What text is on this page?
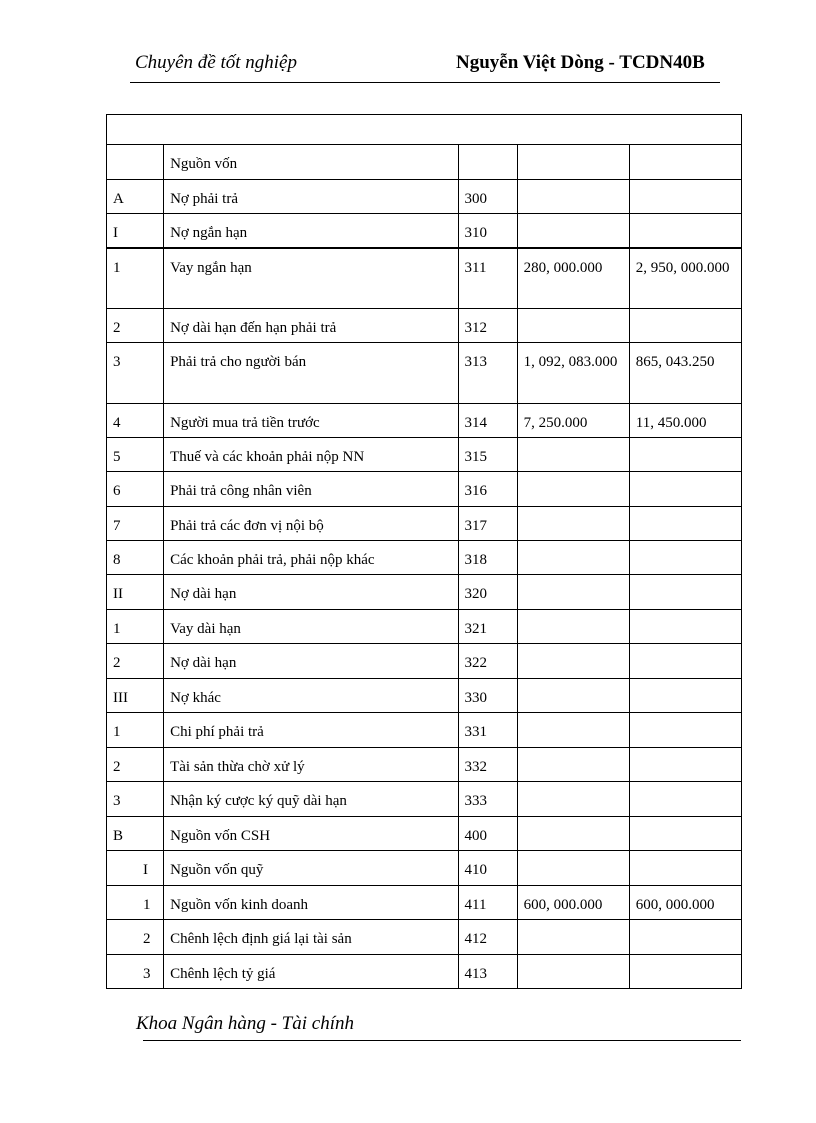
Chuyên đề tốt nghiệp	Nguyễn Việt Dòng - TCDN40B

	Nguồn vốn			
A	Nợ phải trả	300		
I	Nợ ngắn hạn	310		
1	Vay ngắn hạn	311	280, 000.000	2, 950, 000.000
2	Nợ dài hạn đến hạn phải trả	312		
3	Phải trả cho người bán	313	1, 092, 083.000	865, 043.250
4	Người mua trả tiền trước	314	7, 250.000	11, 450.000
5	Thuế và các khoản phải nộp NN	315		
6	Phải trả công nhân viên	316		
7	Phải trả các đơn vị nội bộ	317		
8	Các khoản phải trả, phải nộp khác	318		
II	Nợ dài hạn	320		
1	Vay dài hạn	321		
2	Nợ dài hạn	322		
III	Nợ khác	330		
1	Chi phí phải trả	331		
2	Tài sản thừa chờ xử lý	332		
3	Nhận ký cược ký quỹ dài hạn	333		
B	Nguồn vốn CSH	400		
I	Nguồn vốn quỹ	410		
1	Nguồn vốn kinh doanh	411	600, 000.000	600, 000.000
2	Chênh lệch định giá lại tài sản	412		
3	Chênh lệch tỷ giá	413		
Khoa Ngân hàng - Tài chính
